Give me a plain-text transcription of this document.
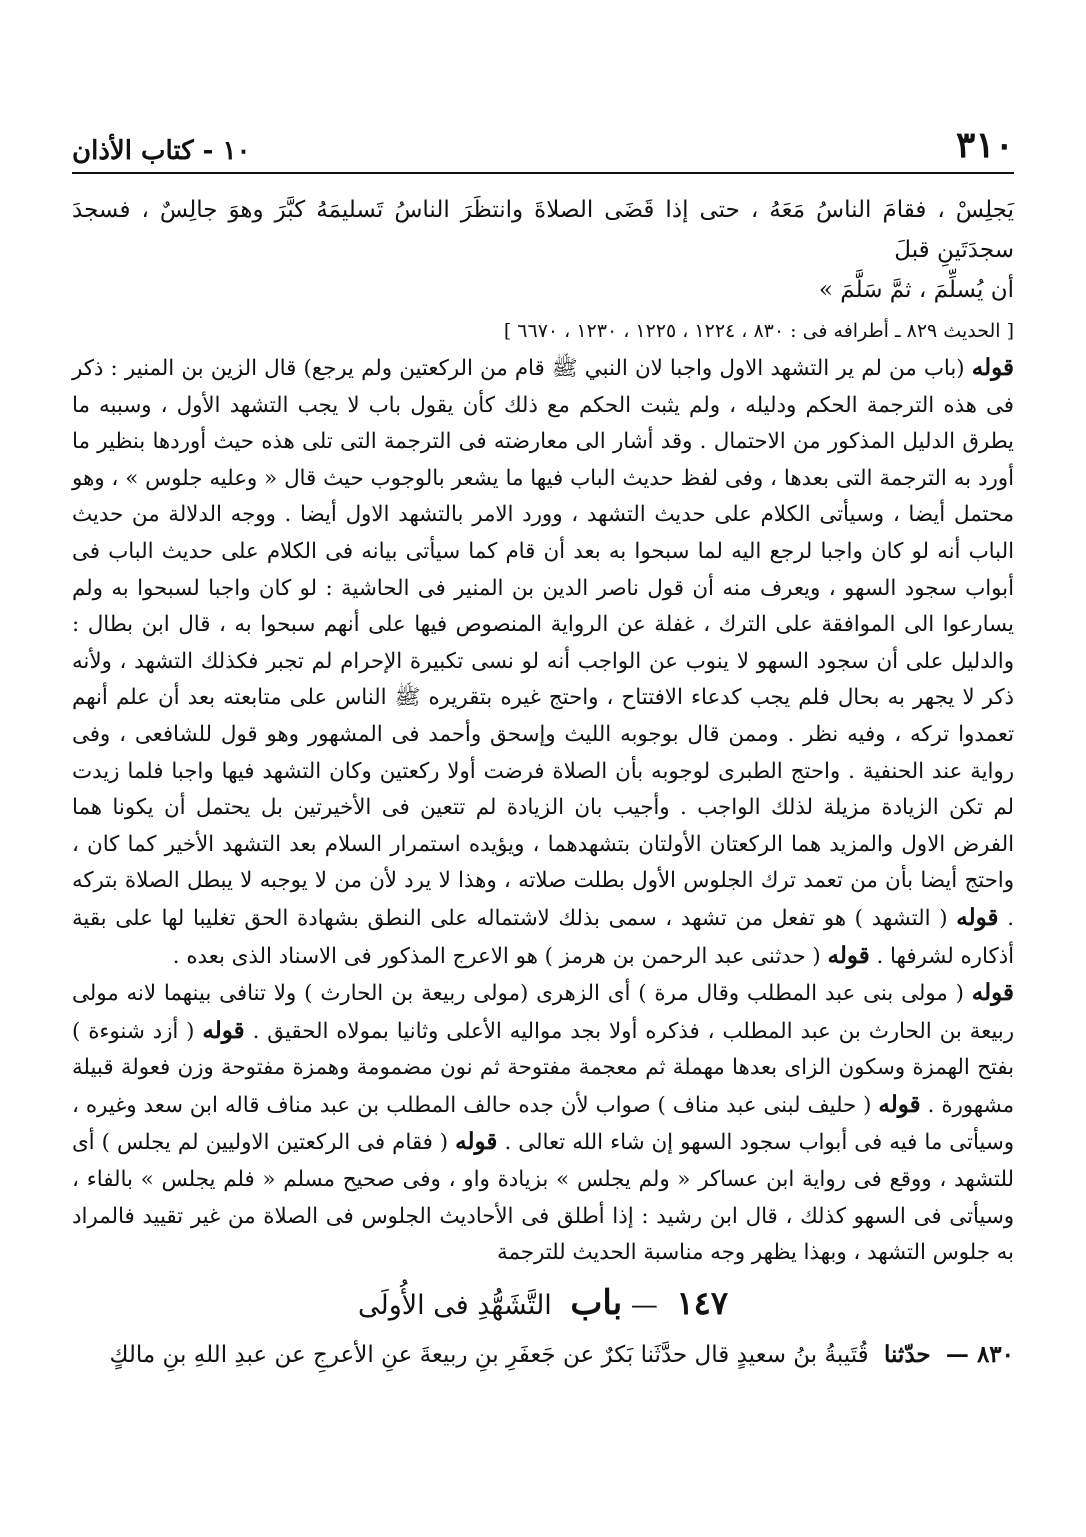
٣١٠
١٠ - كتاب الأذان

يَجلِسْ ، فقامَ الناسُ مَعَهُ ، حتى إذا قَضَى الصلاةَ وانتظَرَ الناسُ تَسليمَهُ كبَّرَ وهوَ جالِسٌ ، فسجدَ سجدَتَينِ قبلَ
أن يُسلِّمَ ، ثمَّ سَلَّمَ »

[ الحديث ٨٢٩ ـ أطرافه فى : ٨٣٠ ، ١٢٢٤ ، ١٢٢٥ ، ١٢٣٠ ، ٦٦٧٠ ]

قوله (باب من لم ير التشهد الاول واجبا لان النبي ﷺ قام من الركعتين ولم يرجع) قال الزين بن المنير : ذكر فى هذه الترجمة الحكم ودليله ، ولم يثبت الحكم مع ذلك كأن يقول باب لا يجب التشهد الأول ، وسببه ما يطرق الدليل المذكور من الاحتمال . وقد أشار الى معارضته فى الترجمة التى تلى هذه حيث أوردها بنظير ما أورد به الترجمة التى بعدها ، وفى لفظ حديث الباب فيها ما يشعر بالوجوب حيث قال « وعليه جلوس » ، وهو محتمل أيضا ، وسيأتى الكلام على حديث التشهد ، وورد الامر بالتشهد الاول أيضا . ووجه الدلالة من حديث الباب أنه لو كان واجبا لرجع اليه لما سبحوا به بعد أن قام كما سيأتى بيانه فى الكلام على حديث الباب فى أبواب سجود السهو ، ويعرف منه أن قول ناصر الدين بن المنير فى الحاشية : لو كان واجبا لسبحوا به ولم يسارعوا الى الموافقة على الترك ، غفلة عن الرواية المنصوص فيها على أنهم سبحوا به ، قال ابن بطال : والدليل على أن سجود السهو لا ينوب عن الواجب أنه لو نسى تكبيرة الإحرام لم تجبر فكذلك التشهد ، ولأنه ذكر لا يجهر به بحال فلم يجب كدعاء الافتتاح ، واحتج غيره بتقريره ﷺ الناس على متابعته بعد أن علم أنهم تعمدوا تركه ، وفيه نظر . وممن قال بوجوبه الليث وإسحق وأحمد فى المشهور وهو قول للشافعى ، وفى رواية عند الحنفية . واحتج الطبرى لوجوبه بأن الصلاة فرضت أولا ركعتين وكان التشهد فيها واجبا فلما زيدت لم تكن الزيادة مزيلة لذلك الواجب . وأجيب بان الزيادة لم تتعين فى الأخيرتين بل يحتمل أن يكونا هما الفرض الاول والمزيد هما الركعتان الأولتان بتشهدهما ، ويؤيده استمرار السلام بعد التشهد الأخير كما كان ، واحتج أيضا بأن من تعمد ترك الجلوس الأول بطلت صلاته ، وهذا لا يرد لأن من لا يوجبه لا يبطل الصلاة بتركه . قوله ( التشهد ) هو تفعل من تشهد ، سمى بذلك لاشتماله على النطق بشهادة الحق تغليبا لها على بقية أذكاره لشرفها . قوله ( حدثنى عبد الرحمن بن هرمز ) هو الاعرج المذكور فى الاسناد الذى بعده .
قوله ( مولى بنى عبد المطلب وقال مرة ) أى الزهرى (مولى ربيعة بن الحارث ) ولا تنافى بينهما لانه مولى ربيعة بن الحارث بن عبد المطلب ، فذكره أولا بجد مواليه الأعلى وثانيا بمولاه الحقيق . قوله ( أزد شنوءة ) بفتح الهمزة وسكون الزاى بعدها مهملة ثم معجمة مفتوحة ثم نون مضمومة وهمزة مفتوحة وزن فعولة قبيلة مشهورة . قوله ( حليف لبنى عبد مناف ) صواب لأن جده حالف المطلب بن عبد مناف قاله ابن سعد وغيره ، وسيأتى ما فيه فى أبواب سجود السهو إن شاء الله تعالى . قوله ( فقام فى الركعتين الاوليين لم يجلس ) أى للتشهد ، ووقع فى رواية ابن عساكر « ولم يجلس » بزيادة واو ، وفى صحيح مسلم « فلم يجلس » بالفاء ، وسيأتى فى السهو كذلك ، قال ابن رشيد : إذا أطلق فى الأحاديث الجلوس فى الصلاة من غير تقييد فالمراد به جلوس التشهد ، وبهذا يظهر وجه مناسبة الحديث للترجمة

١٤٧ — باب التَّشَهُّدِ فى الأُولَى

٨٣٠ — حدّثنا قُتَيبةُ بنُ سعيدٍ قال حدَّثَنا بَكرٌ عن جَعفَرِ بنِ ربيعةَ عنِ الأعرجِ عن عبدِ اللهِ بنِ مالكٍ
